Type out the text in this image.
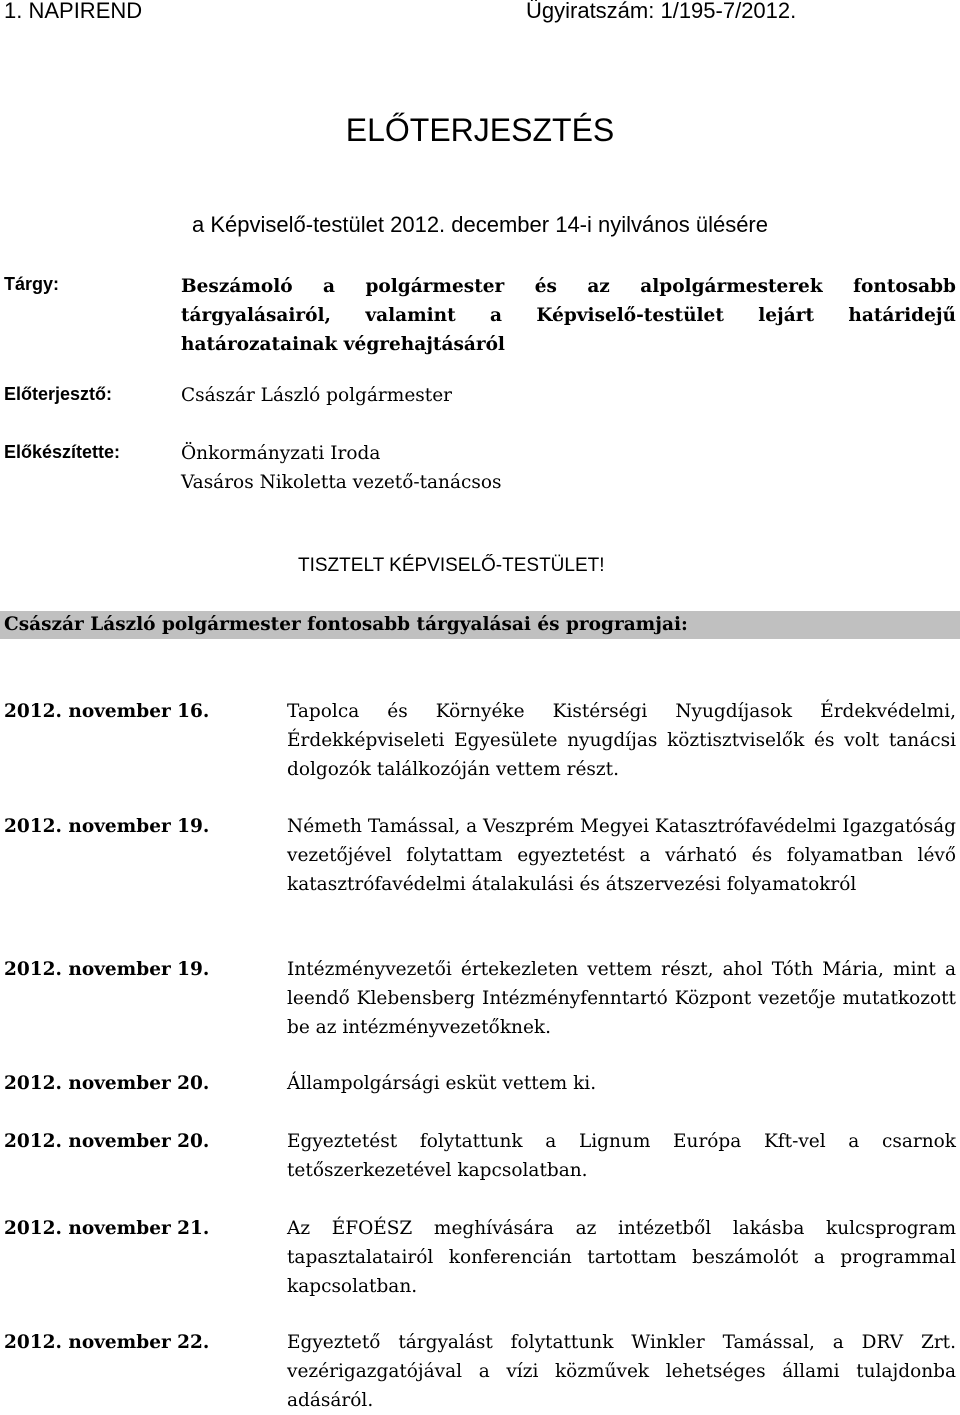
1. NAPIREND	Ügyiratszám: 1/195-7/2012.
ELŐTERJESZTÉS
a Képviselő-testület 2012. december 14-i nyilvános ülésére
Tárgy:	Beszámoló a polgármester és az alpolgármesterek fontosabb tárgyalásairól, valamint a Képviselő-testület lejárt határidejű határozatainak végrehajtásáról
Előterjesztő:	Császár László polgármester
Előkészítette:	Önkormányzati Iroda
Vasáros Nikoletta vezető-tanácsos
TISZTELT KÉPVISELŐ-TESTÜLET!
Császár László polgármester fontosabb tárgyalásai és programjai:
2012. november 16.	Tapolca és Környéke Kistérségi Nyugdíjasok Érdekvédelmi, Érdekképviseleti Egyesülete nyugdíjas köztisztviselők és volt tanácsi dolgozók találkozóján vettem részt.
2012. november 19.	Németh Tamással, a Veszprém Megyei Katasztrófavédelmi Igazgatóság vezetőjével folytattam egyeztetést a várható és folyamatban lévő katasztrófavédelmi átalakulási és átszervezési folyamatokról
2012. november 19.	Intézményvezetői értekezleten vettem részt, ahol Tóth Mária, mint a leendő Klebensberg Intézményfenntartó Központ vezetője mutatkozott be az intézményvezetőknek.
2012. november 20.	Állampolgársági esküt vettem ki.
2012. november 20.	Egyeztetést folytattunk a Lignum Európa Kft-vel a csarnok tetőszerkezetével kapcsolatban.
2012. november 21.	Az ÉFOÉSZ meghívására az intézetből lakásba kulcsprogram tapasztalatairól konferencián tartottam beszámolót a programmal kapcsolatban.
2012. november 22.	Egyeztető tárgyalást folytattunk Winkler Tamással, a DRV Zrt. vezérigazgatójával a vízi közművek lehetséges állami tulajdonba adásáról.
